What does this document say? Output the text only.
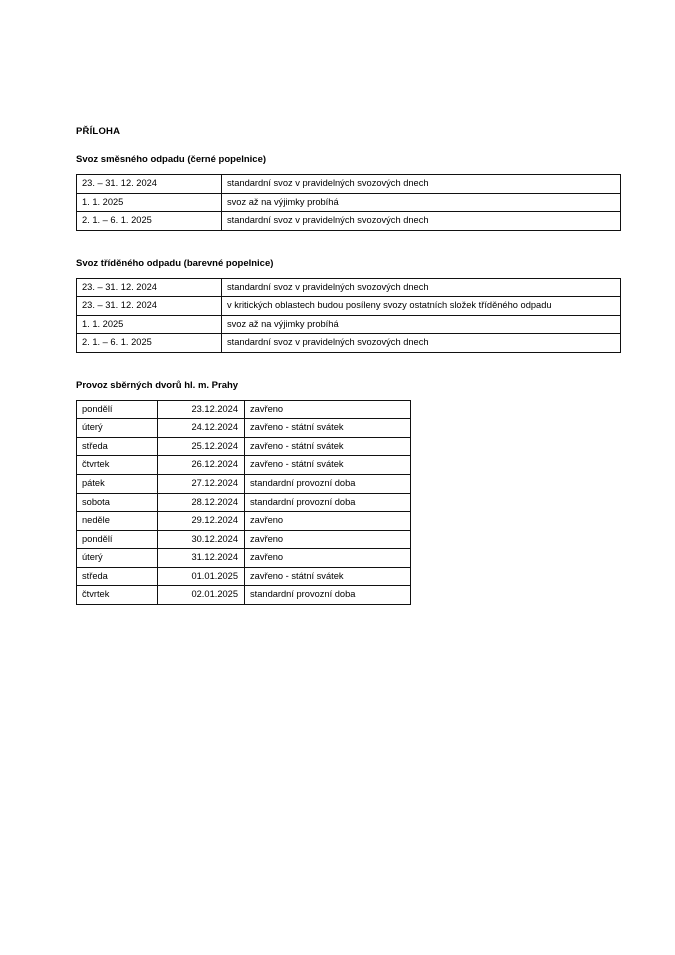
PŘÍLOHA
Svoz směsného odpadu (černé popelnice)
23. – 31. 12. 2024	standardní svoz v pravidelných svozových dnech
1. 1. 2025	svoz až na výjimky probíhá
2. 1. – 6. 1. 2025	standardní svoz v pravidelných svozových dnech
Svoz tříděného odpadu (barevné popelnice)
23. – 31. 12. 2024	standardní svoz v pravidelných svozových dnech
23. – 31. 12. 2024	v kritických oblastech budou posíleny svozy ostatních složek tříděného odpadu
1. 1. 2025	svoz až na výjimky probíhá
2. 1. – 6. 1. 2025	standardní svoz v pravidelných svozových dnech
Provoz sběrných dvorů hl. m. Prahy
pondělí	23.12.2024	zavřeno
úterý	24.12.2024	zavřeno - státní svátek
středa	25.12.2024	zavřeno - státní svátek
čtvrtek	26.12.2024	zavřeno - státní svátek
pátek	27.12.2024	standardní provozní doba
sobota	28.12.2024	standardní provozní doba
neděle	29.12.2024	zavřeno
pondělí	30.12.2024	zavřeno
úterý	31.12.2024	zavřeno
středa	01.01.2025	zavřeno - státní svátek
čtvrtek	02.01.2025	standardní provozní doba
